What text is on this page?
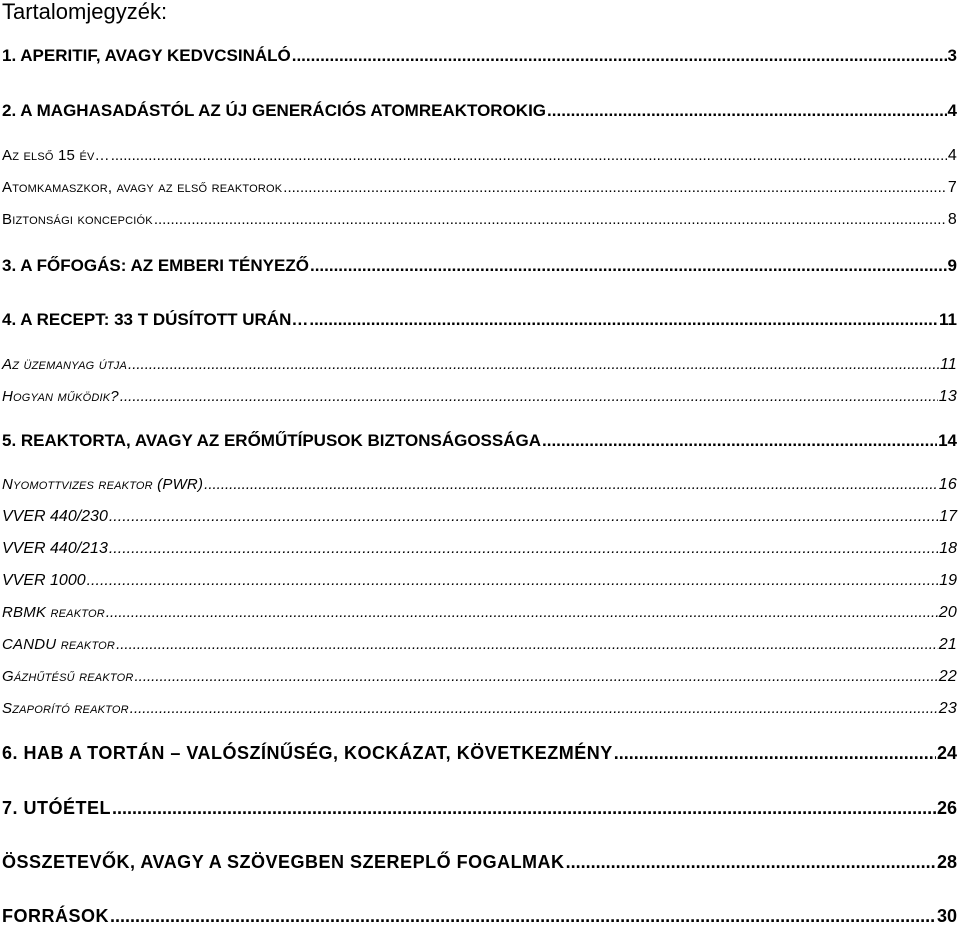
Tartalomjegyzék:
1. APERITIF, AVAGY KEDVCSINÁLÓ .....	3
2. A MAGHASADÁSTÓL AZ ÚJ GENERÁCIÓS ATOMREAKTOROKIG .....	4
Az első 15 év… .....	4
Atomkamaszkor, avagy az első reaktorok .....	7
Biztonsági koncepciók .....	8
3. A FŐFOGÁS: AZ EMBERI TÉNYEZŐ .....	9
4. A RECEPT: 33 T DÚSÍTOTT URÁN… .....	11
Az üzemanyag útja .....	11
Hogyan működik? .....	13
5. REAKTORTA, AVAGY AZ ERŐMŰTÍPUSOK BIZTONSÁGOSSÁGA .....	14
Nyomottvizes reaktor (PWR) .....	16
VVER 440/230 .....	17
VVER 440/213 .....	18
VVER 1000 .....	19
RBMK reaktor .....	20
CANDU reaktor .....	21
Gázhűtésű reaktor .....	22
Szaporító reaktor .....	23
6. HAB A TORTÁN – VALÓSZÍNŰSÉG, KOCKÁZAT, KÖVETKEZMÉNY .....	24
7. UTÓÉTEL .....	26
ÖSSZETEVŐK, AVAGY A SZÖVEGBEN SZEREPLŐ FOGALMAK .....	28
FORRÁSOK .....	30
